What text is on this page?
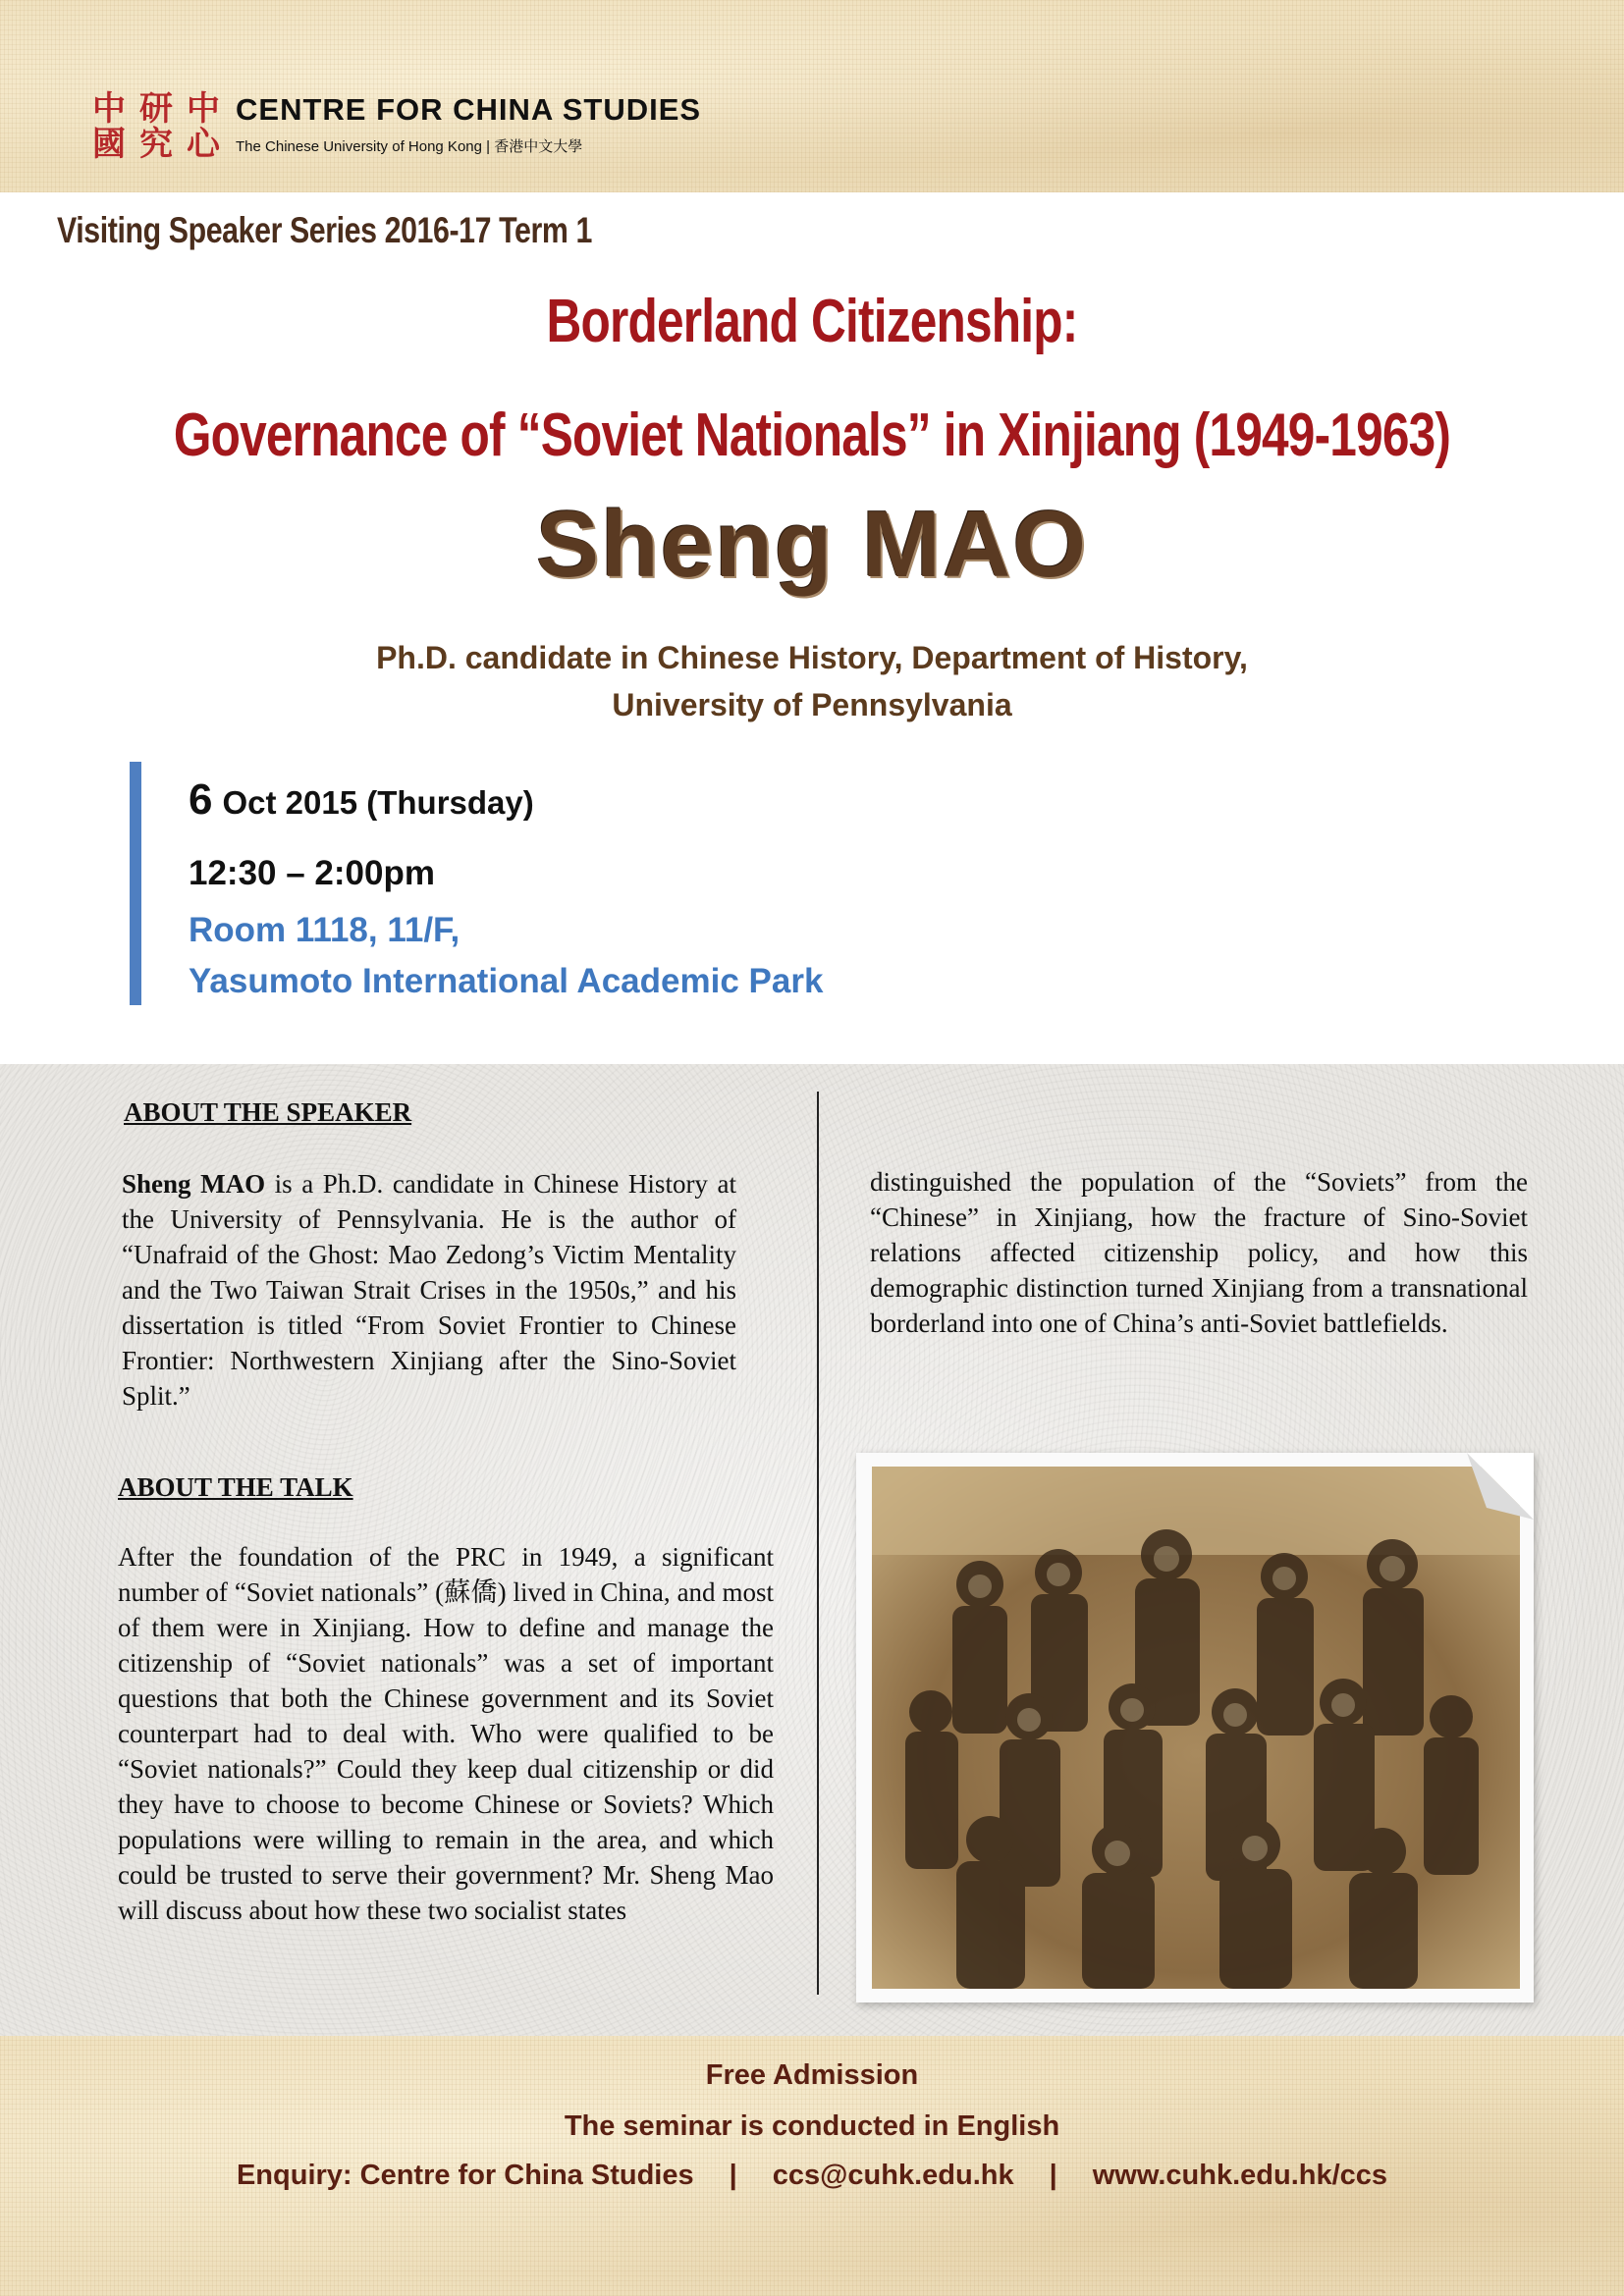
中 研 中
國 究 心
CENTRE FOR CHINA STUDIES
The Chinese University of Hong Kong | 香港中文大學
Visiting Speaker Series 2016-17 Term 1
Borderland Citizenship:
Governance of “Soviet Nationals” in Xinjiang (1949-1963)
Sheng MAO
Ph.D. candidate in Chinese History, Department of History,
University of Pennsylvania
6 Oct 2015 (Thursday)
12:30 – 2:00pm
Room 1118, 11/F,
Yasumoto International Academic Park
ABOUT THE SPEAKER
Sheng MAO is a Ph.D. candidate in Chinese History at the University of Pennsylvania. He is the author of “Unafraid of the Ghost: Mao Zedong’s Victim Mentality and the Two Taiwan Strait Crises in the 1950s,” and his dissertation is titled “From Soviet Frontier to Chinese Frontier: Northwestern Xinjiang after the Sino-Soviet Split.”
ABOUT THE TALK
After the foundation of the PRC in 1949, a significant number of “Soviet nationals” (蘇僑) lived in China, and most of them were in Xinjiang. How to define and manage the citizenship of “Soviet nationals” was a set of important questions that both the Chinese government and its Soviet counterpart had to deal with. Who were qualified to be “Soviet nationals?” Could they keep dual citizenship or did they have to choose to become Chinese or Soviets? Which populations were willing to remain in the area, and which could be trusted to serve their government? Mr. Sheng Mao will discuss about how these two socialist states
distinguished the population of the “Soviets” from the “Chinese” in Xinjiang, how the fracture of Sino-Soviet relations affected citizenship policy, and how this demographic distinction turned Xinjiang from a transnational borderland into one of China’s anti-Soviet battlefields.
Free Admission
The seminar is conducted in English
Enquiry: Centre for China Studies | ccs@cuhk.edu.hk | www.cuhk.edu.hk/ccs
